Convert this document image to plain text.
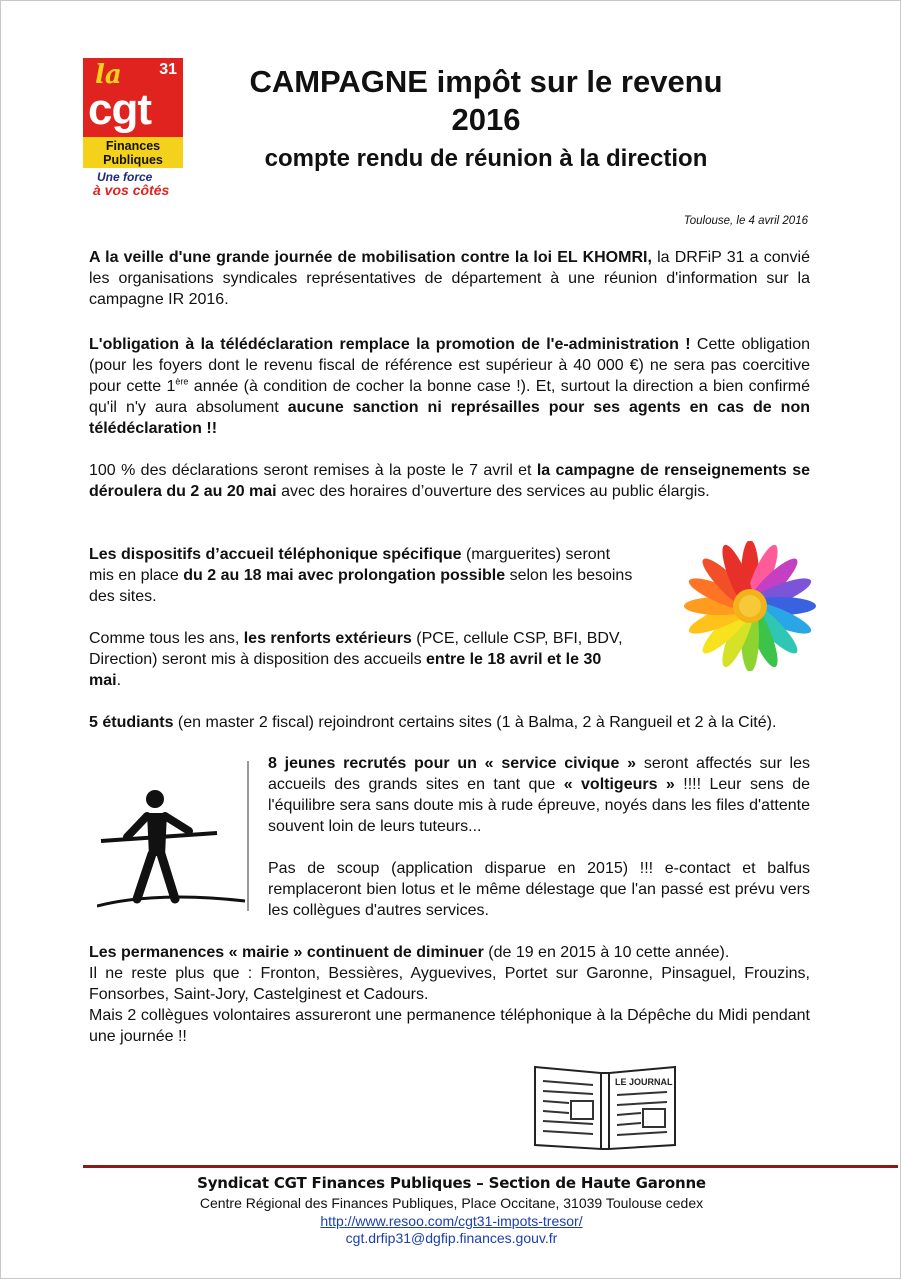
la 31
cgt
Finances
Publiques
Une force
à vos côtés
CAMPAGNE impôt sur le revenu
2016
compte rendu de réunion à la direction
Toulouse, le 4 avril 2016

A la veille d'une grande journée de mobilisation contre la loi EL KHOMRI, la DRFiP 31 a convié les organisations syndicales représentatives de département à une réunion d'information sur la campagne IR 2016.

L'obligation à la télédéclaration remplace la promotion de l'e-administration ! Cette obligation (pour les foyers dont le revenu fiscal de référence est supérieur à 40 000 €) ne sera pas coercitive pour cette 1ère année (à condition de cocher la bonne case !). Et, surtout la direction a bien confirmé qu'il n'y aura absolument aucune sanction ni représailles pour ses agents en cas de non télédéclaration !!

100 % des déclarations seront remises à la poste le 7 avril et la campagne de renseignements se déroulera du 2 au 20 mai avec des horaires d’ouverture des services au public élargis.

Les dispositifs d’accueil téléphonique spécifique (marguerites) seront mis en place du 2 au 18 mai avec prolongation possible selon les besoins des sites.

Comme tous les ans, les renforts extérieurs (PCE, cellule CSP, BFI, BDV, Direction) seront mis à disposition des accueils entre le 18 avril et le 30 mai.

5 étudiants (en master 2 fiscal) rejoindront certains sites (1 à Balma, 2 à Rangueil et 2 à la Cité).

8 jeunes recrutés pour un « service civique » seront affectés sur les accueils des grands sites en tant que « voltigeurs » !!!! Leur sens de l'équilibre sera sans doute mis à rude épreuve, noyés dans les files d'attente souvent loin de leurs tuteurs...

Pas de scoup (application disparue en 2015) !!! e-contact et balfus remplaceront bien lotus et le même délestage que l'an passé est prévu vers les collègues d'autres services.

Les permanences « mairie » continuent de diminuer (de 19 en 2015 à 10 cette année).
Il ne reste plus que : Fronton, Bessières, Ayguevives, Portet sur Garonne, Pinsaguel, Frouzins, Fonsorbes, Saint-Jory, Castelginest et Cadours.
Mais 2 collègues volontaires assureront une permanence téléphonique à la Dépêche du Midi pendant une journée !!

LE JOURNAL
Syndicat CGT Finances Publiques – Section de Haute Garonne
Centre Régional des Finances Publiques, Place Occitane, 31039 Toulouse cedex
http://www.resoo.com/cgt31-impots-tresor/
cgt.drfip31@dgfip.finances.gouv.fr
